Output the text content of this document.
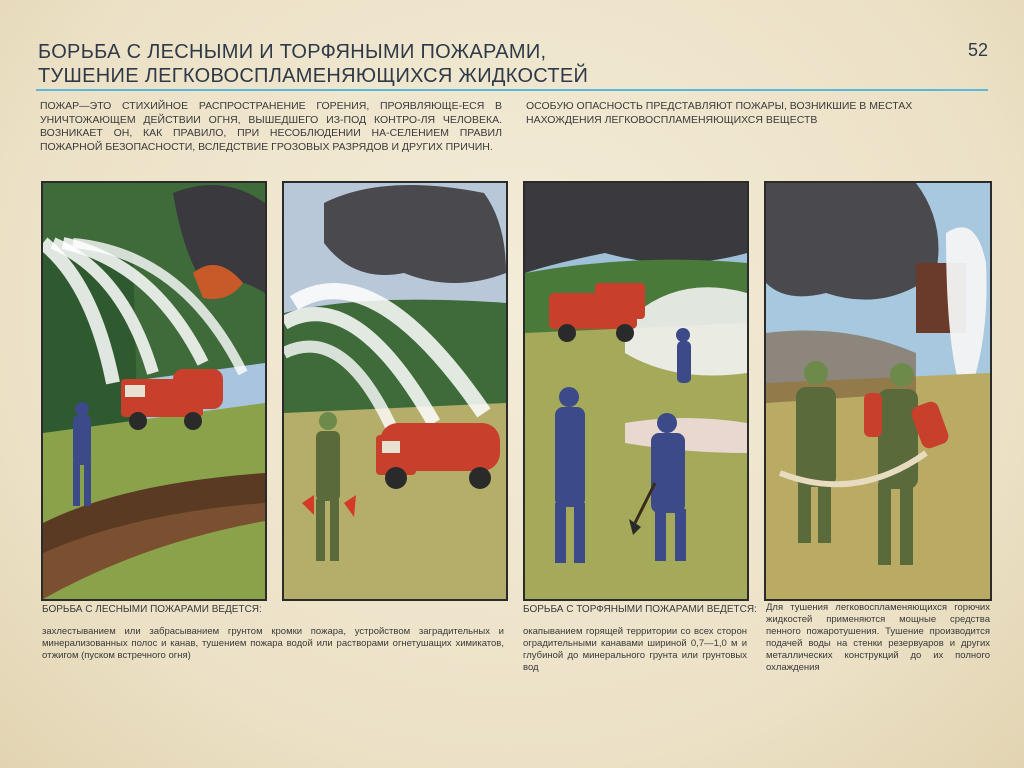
БОРЬБА С ЛЕСНЫМИ И ТОРФЯНЫМИ ПОЖАРАМИ,
ТУШЕНИЕ ЛЕГКОВОСПЛАМЕНЯЮЩИХСЯ ЖИДКОСТЕЙ
52
ПОЖАР—ЭТО СТИХИЙНОЕ РАСПРОСТРАНЕНИЕ ГОРЕНИЯ, ПРОЯВЛЯЮЩЕ-ЕСЯ В УНИЧТОЖАЮЩЕМ ДЕЙСТВИИ ОГНЯ, ВЫШЕДШЕГО ИЗ-ПОД КОНТРО-ЛЯ ЧЕЛОВЕКА. ВОЗНИКАЕТ ОН, КАК ПРАВИЛО, ПРИ НЕСОБЛЮДЕНИИ НА-СЕЛЕНИЕМ ПРАВИЛ ПОЖАРНОЙ БЕЗОПАСНОСТИ, ВСЛЕДСТВИЕ ГРОЗОВЫХ РАЗРЯДОВ И ДРУГИХ ПРИЧИН.
ОСОБУЮ ОПАСНОСТЬ ПРЕДСТАВЛЯЮТ ПОЖАРЫ, ВОЗНИКШИЕ В МЕСТАХ НАХОЖДЕНИЯ ЛЕГКОВОСПЛАМЕНЯЮЩИХСЯ ВЕЩЕСТВ
БОРЬБА С ЛЕСНЫМИ ПОЖАРАМИ ВЕДЕТСЯ:
захлестыванием или забрасыванием грунтом кромки пожара, устройством заградительных и минерализованных полос и канав, тушением пожара водой или растворами огнетушащих химикатов, отжигом (пуском встречного огня)
БОРЬБА С ТОРФЯНЫМИ ПОЖАРАМИ ВЕДЕТСЯ:
окапыванием горящей территории со всех сторон оградительными канавами шириной 0,7—1,0 м и глубиной до минерального грунта или грунтовых вод
Для тушения легковоспламеняющихся горючих жидкостей применяются мощные средства пенного пожаротушения. Тушение производится подачей воды на стенки резервуаров и других металлических конструкций до их полного охлаждения
